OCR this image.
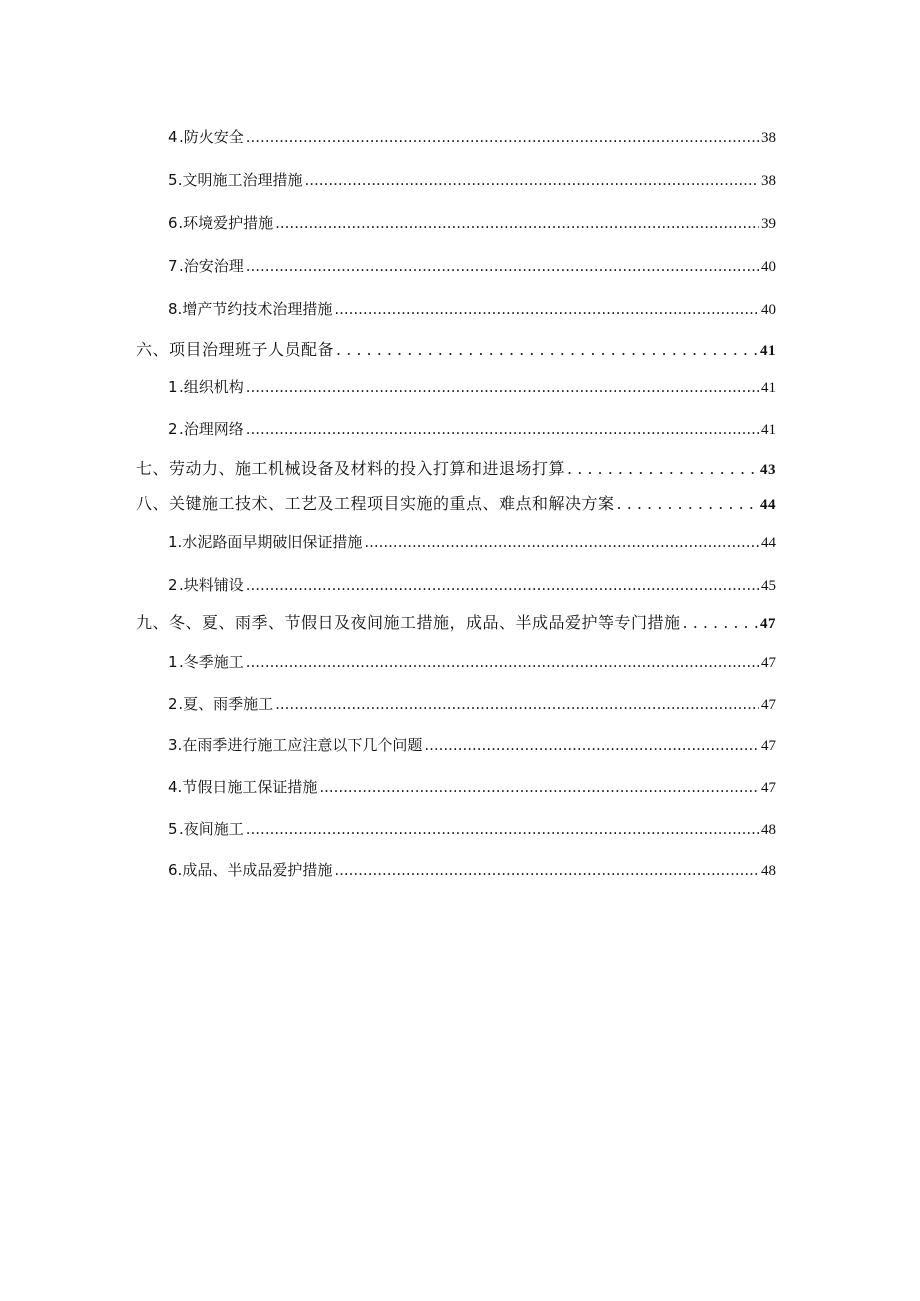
4 .防火安全 .....	38
5 .文明施工治理措施 .....	38
6 .环境爱护措施 .....	39
7 .治安治理 .....	40
8 .增产节约技术治理措施 .....	40
六、项目治理班子人员配备 . . .	41
1 .组织机构 .....	41
2 .治理网络 .....	41
七、劳动力、施工机械设备及材料的投入打算和进退场打算 . . .	43
八、关键施工技术、工艺及工程项目实施的重点、难点和解决方案 . . .	44
1 .水泥路面早期破旧保证措施 .....	44
2 .块料铺设 .....	45
九、冬、夏、雨季、节假日及夜间施工措施，成品、半成品爱护等专门措施 . . .	47
1 .冬季施工 .....	47
2 .夏、雨季施工 .....	47
3 .在雨季进行施工应注意以下几个问题 .....	47
4 .节假日施工保证措施 .....	47
5 .夜间施工 .....	48
6 .成品、半成品爱护措施 .....	48
